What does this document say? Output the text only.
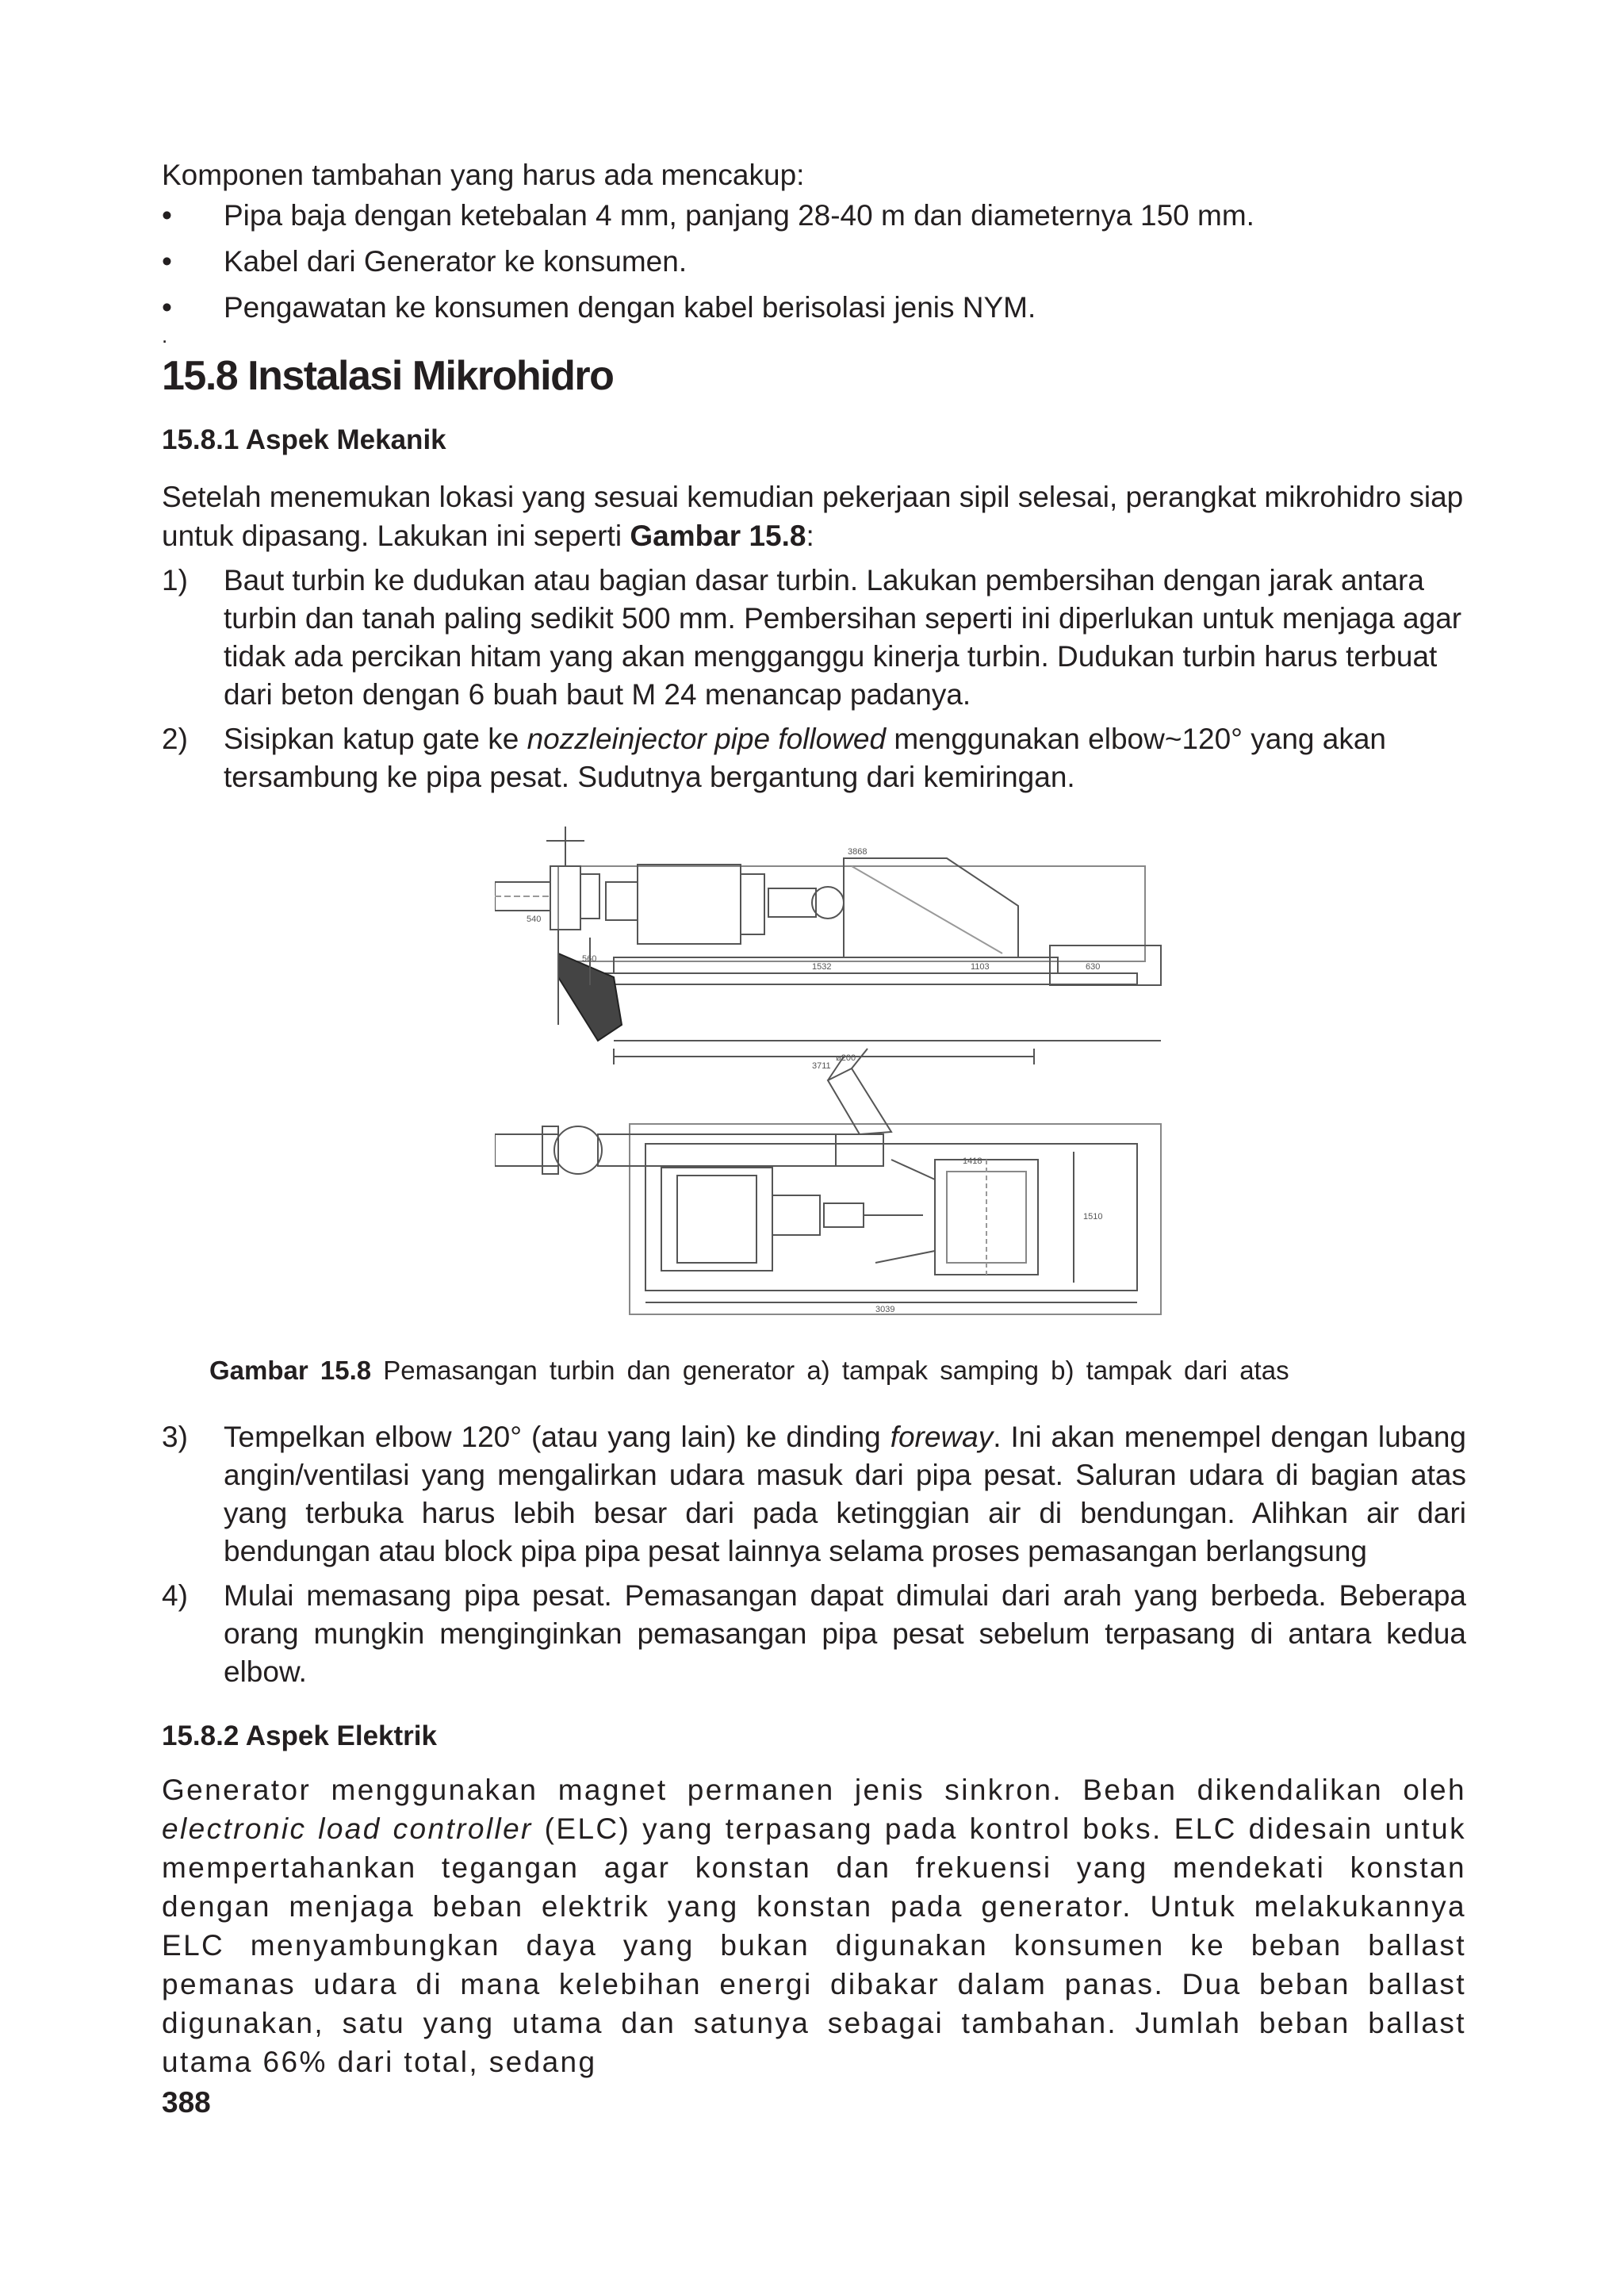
Komponen tambahan yang harus ada mencakup:

• Pipa baja dengan ketebalan 4 mm, panjang 28-40 m dan diameternya 150 mm.
• Kabel dari Generator ke konsumen.
• Pengawatan ke konsumen dengan kabel berisolasi jenis NYM.
.
15.8 Instalasi Mikrohidro
15.8.1 Aspek Mekanik

Setelah menemukan lokasi yang sesuai kemudian pekerjaan sipil selesai, perangkat mikrohidro siap untuk dipasang. Lakukan ini seperti Gambar 15.8:

1) Baut turbin ke dudukan atau bagian dasar turbin. Lakukan pembersihan dengan jarak antara turbin dan tanah paling sedikit 500 mm. Pembersihan seperti ini diperlukan untuk menjaga agar tidak ada percikan hitam yang akan mengganggu kinerja turbin. Dudukan turbin harus terbuat dari beton dengan 6 buah baut M 24 menancap padanya.
2) Sisipkan katup gate ke nozzleinjector pipe followed menggunakan elbow~120° yang akan tersambung ke pipa pesat. Sudutnya bergantung dari kemiringan.
3868
1532	1103	630
3711
540
560
1418
3039
1510
ø200

Gambar 15.8 Pemasangan turbin dan generator a) tampak samping b) tampak dari atas

3) Tempelkan elbow 120° (atau yang lain) ke dinding foreway. Ini akan menempel dengan lubang angin/ventilasi yang mengalirkan udara masuk dari pipa pesat. Saluran udara di bagian atas yang terbuka harus lebih besar dari pada ketinggian air di bendungan. Alihkan air dari bendungan atau block pipa pipa pesat lainnya selama proses pemasangan berlangsung
4) Mulai memasang pipa pesat. Pemasangan dapat dimulai dari arah yang berbeda. Beberapa orang mungkin menginginkan pemasangan pipa pesat sebelum terpasang di antara kedua elbow.
15.8.2 Aspek Elektrik

Generator menggunakan magnet permanen jenis sinkron. Beban dikendalikan oleh electronic load controller (ELC) yang terpasang pada kontrol boks. ELC didesain untuk mempertahankan tegangan agar konstan dan frekuensi yang mendekati konstan dengan menjaga beban elektrik yang konstan pada generator. Untuk melakukannya ELC menyambungkan daya yang bukan digunakan konsumen ke beban ballast pemanas udara di mana kelebihan energi dibakar dalam panas. Dua beban ballast digunakan, satu yang utama dan satunya sebagai tambahan. Jumlah beban ballast utama 66% dari total, sedang

388
